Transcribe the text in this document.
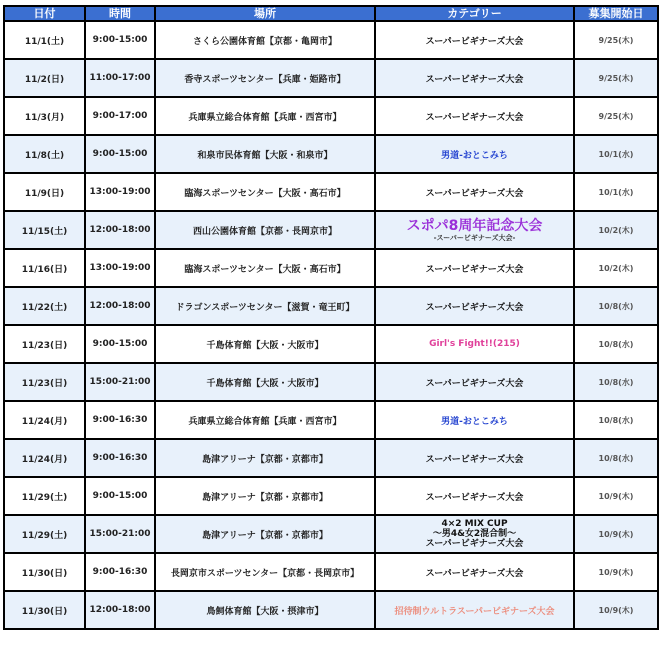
日付	時間	場所	カテゴリー	募集開始日
11/1(土)	9:00-15:00	さくら公園体育館【京都・亀岡市】	スーパービギナーズ大会	9/25(木)
11/2(日)	11:00-17:00	香寺スポーツセンター【兵庫・姫路市】	スーパービギナーズ大会	9/25(木)
11/3(月)	9:00-17:00	兵庫県立総合体育館【兵庫・西宮市】	スーパービギナーズ大会	9/25(木)
11/8(土)	9:00-15:00	和泉市民体育館【大阪・和泉市】	男道-おとこみち	10/1(水)
11/9(日)	13:00-19:00	臨海スポーツセンター【大阪・高石市】	スーパービギナーズ大会	10/1(水)
11/15(土)	12:00-18:00	西山公園体育館【京都・長岡京市】	スポパ8周年記念大会
-スーパービギナーズ大会-	10/2(木)
11/16(日)	13:00-19:00	臨海スポーツセンター【大阪・高石市】	スーパービギナーズ大会	10/2(木)
11/22(土)	12:00-18:00	ドラゴンスポーツセンター【滋賀・竜王町】	スーパービギナーズ大会	10/8(水)
11/23(日)	9:00-15:00	千島体育館【大阪・大阪市】	Girl's Fight!!(215)	10/8(水)
11/23(日)	15:00-21:00	千島体育館【大阪・大阪市】	スーパービギナーズ大会	10/8(水)
11/24(月)	9:00-16:30	兵庫県立総合体育館【兵庫・西宮市】	男道-おとこみち	10/8(水)
11/24(月)	9:00-16:30	島津アリーナ【京都・京都市】	スーパービギナーズ大会	10/8(水)
11/29(土)	9:00-15:00	島津アリーナ【京都・京都市】	スーパービギナーズ大会	10/9(木)
11/29(土)	15:00-21:00	島津アリーナ【京都・京都市】	4×2 MIX CUP
〜男4&女2混合制〜
スーパービギナーズ大会	10/9(木)
11/30(日)	9:00-16:30	長岡京市スポーツセンター【京都・長岡京市】	スーパービギナーズ大会	10/9(木)
11/30(日)	12:00-18:00	鳥飼体育館【大阪・摂津市】	招待制ウルトラスーパービギナーズ大会	10/9(木)
